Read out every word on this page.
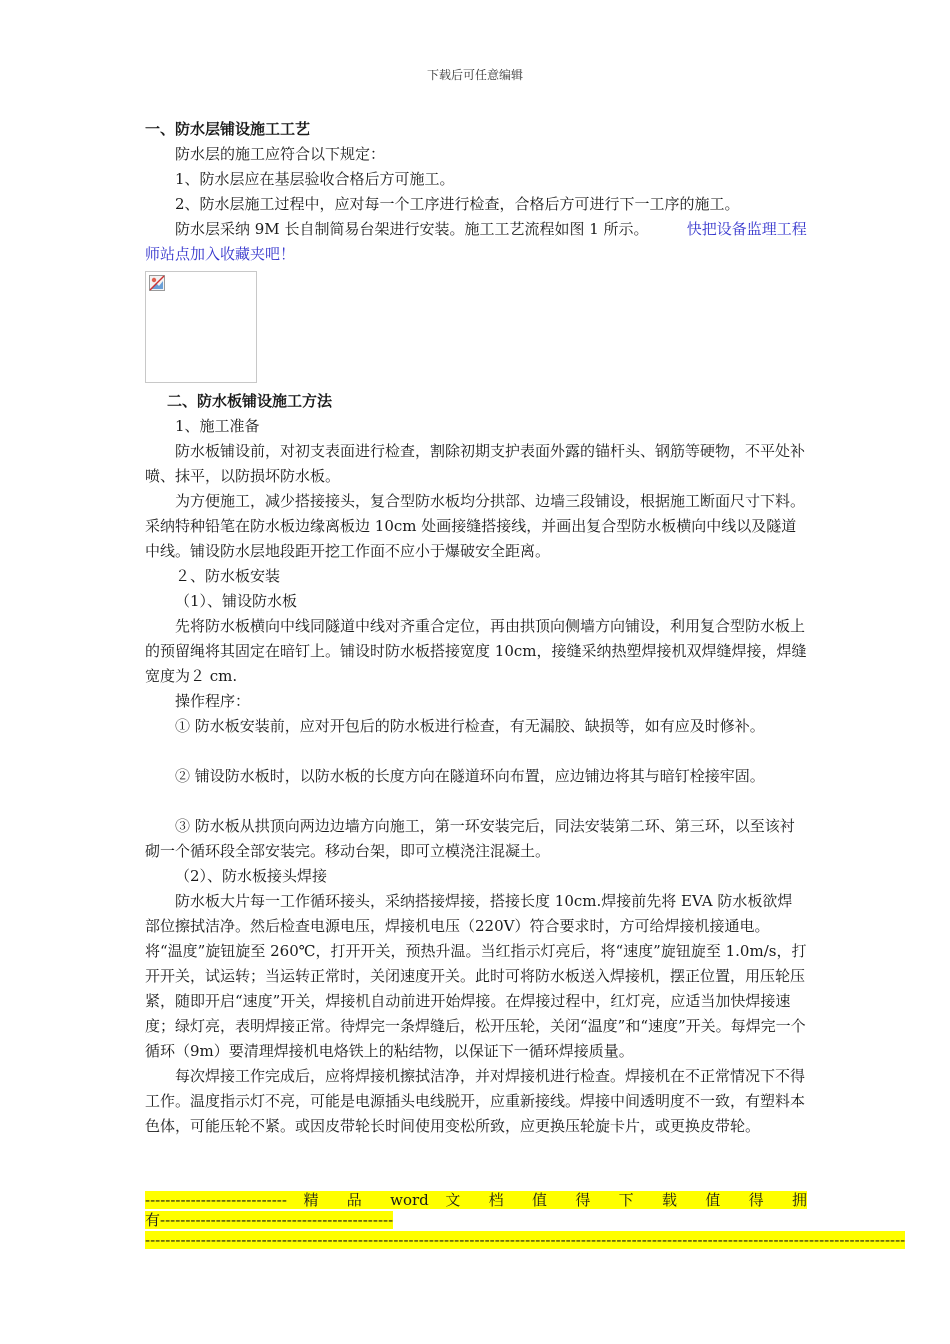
下载后可任意编辑

一、防水层铺设施工工艺

防水层的施工应符合以下规定：

1、防水层应在基层验收合格后方可施工。

2、防水层施工过程中，应对每一个工序进行检查，合格后方可进行下一工序的施工。

防水层采纳 9M 长自制简易台架进行安装。施工工艺流程如图 1 所示。	快把设备监理工程师站点加入收藏夹吧！

二、防水板铺设施工方法

1、施工准备

防水板铺设前，对初支表面进行检查，割除初期支护表面外露的锚杆头、钢筋等硬物，不平处补喷、抹平，以防损坏防水板。

为方便施工，减少搭接接头，复合型防水板均分拱部、边墙三段铺设，根据施工断面尺寸下料。采纳特种铅笔在防水板边缘离板边 10cm 处画接缝搭接线，并画出复合型防水板横向中线以及隧道中线。铺设防水层地段距开挖工作面不应小于爆破安全距离。

２、防水板安装

（1）、铺设防水板

先将防水板横向中线同隧道中线对齐重合定位，再由拱顶向侧墙方向铺设，利用复合型防水板上的预留绳将其固定在暗钉上。铺设时防水板搭接宽度 10cm，接缝采纳热塑焊接机双焊缝焊接，焊缝宽度为２ cm.

操作程序：

① 防水板安装前，应对开包后的防水板进行检查，有无漏胶、缺损等，如有应及时修补。

② 铺设防水板时，以防水板的长度方向在隧道环向布置，应边铺边将其与暗钉栓接牢固。

③ 防水板从拱顶向两边边墙方向施工，第一环安装完后，同法安装第二环、第三环，以至该衬砌一个循环段全部安装完。移动台架，即可立模浇注混凝土。

（2）、防水板接头焊接

防水板大片每一工作循环接头，采纳搭接焊接，搭接长度 10cm.焊接前先将 EVA 防水板欲焊部位擦拭洁净。然后检查电源电压，焊接机电压（220V）符合要求时，方可给焊接机接通电。将“温度”旋钮旋至 260℃，打开开关，预热升温。当红指示灯亮后，将“速度”旋钮旋至 1.0m/s，打开开关，试运转；当运转正常时，关闭速度开关。此时可将防水板送入焊接机，摆正位置，用压轮压紧，随即开启“速度”开关，焊接机自动前进开始焊接。在焊接过程中，红灯亮，应适当加快焊接速度；绿灯亮，表明焊接正常。待焊完一条焊缝后，松开压轮，关闭“温度”和“速度”开关。每焊完一个循环（9m）要清理焊接机电烙铁上的粘结物，以保证下一循环焊接质量。

每次焊接工作完成后，应将焊接机擦拭洁净，并对焊接机进行检查。焊接机在不正常情况下不得工作。温度指示灯不亮，可能是电源插头电线脱开，应重新接线。焊接中间透明度不一致，有塑料本色体，可能压轮不紧。或因皮带轮长时间使用变松所致，应更换压轮旋卡片，或更换皮带轮。

---------------------------- 精 品 word 文 档 值 得 下 载 值 得 拥

有----------------------------------------------

------------------------------------------------------------------------------------------------------------------------------------------------------
